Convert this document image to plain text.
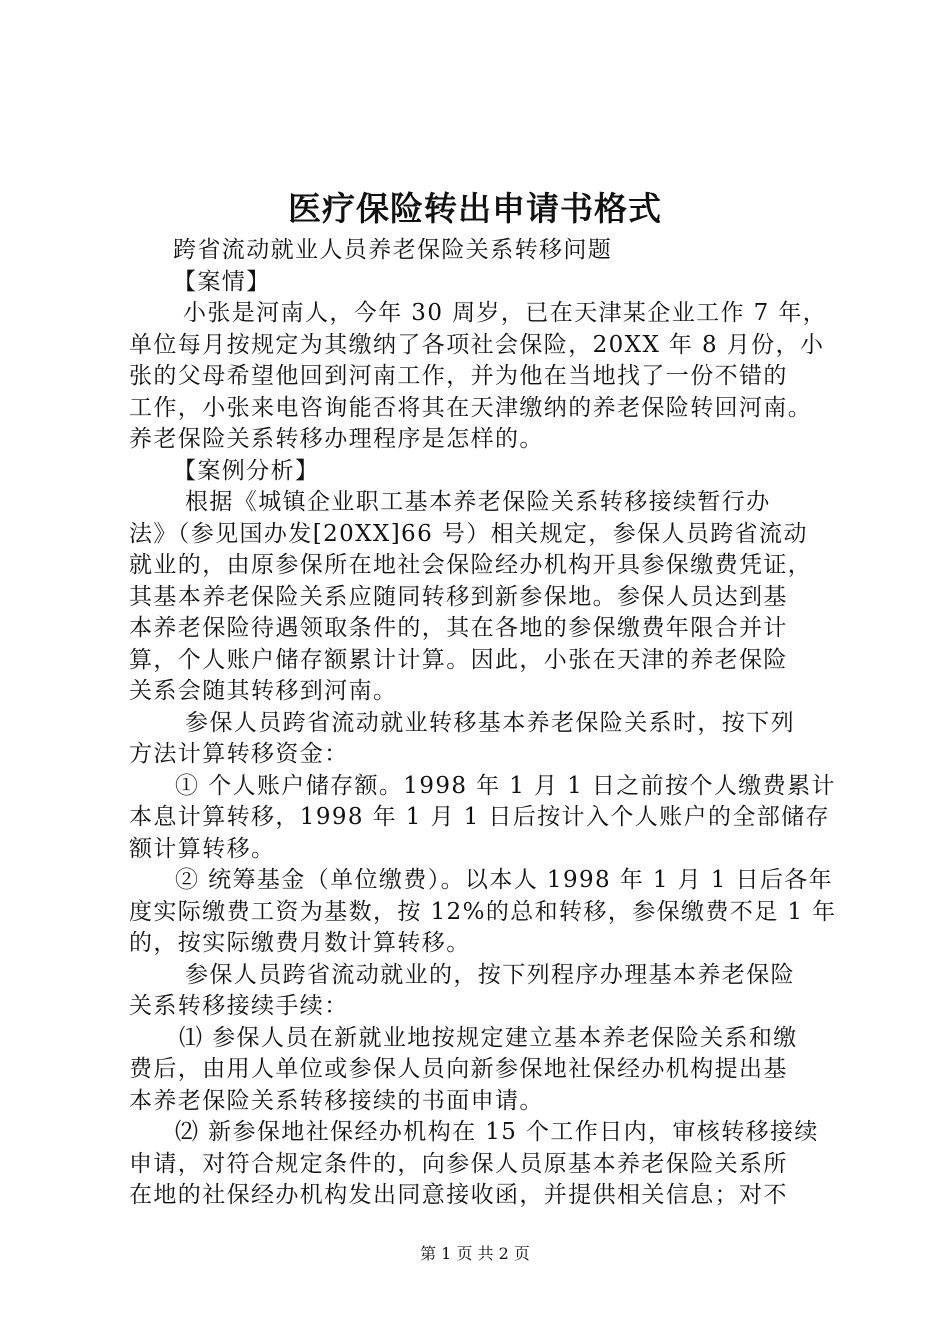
医疗保险转出申请书格式
跨省流动就业人员养老保险关系转移问题
【案情】
小张是河南人，今年 30 周岁，已在天津某企业工作 7 年，
单位每月按规定为其缴纳了各项社会保险，20XX 年 8 月份，小
张的父母希望他回到河南工作，并为他在当地找了一份不错的
工作，小张来电咨询能否将其在天津缴纳的养老保险转回河南。
养老保险关系转移办理程序是怎样的。
【案例分析】
根据《城镇企业职工基本养老保险关系转移接续暂行办
法》（参见国办发[20XX]66 号）相关规定，参保人员跨省流动
就业的，由原参保所在地社会保险经办机构开具参保缴费凭证，
其基本养老保险关系应随同转移到新参保地。参保人员达到基
本养老保险待遇领取条件的，其在各地的参保缴费年限合并计
算，个人账户储存额累计计算。因此，小张在天津的养老保险
关系会随其转移到河南。
参保人员跨省流动就业转移基本养老保险关系时，按下列
方法计算转移资金：
① 个人账户储存额。1998 年 1 月 1 日之前按个人缴费累计
本息计算转移，1998 年 1 月 1 日后按计入个人账户的全部储存
额计算转移。
② 统筹基金（单位缴费）。以本人 1998 年 1 月 1 日后各年
度实际缴费工资为基数，按 12%的总和转移，参保缴费不足 1 年
的，按实际缴费月数计算转移。
参保人员跨省流动就业的，按下列程序办理基本养老保险
关系转移接续手续：
⑴ 参保人员在新就业地按规定建立基本养老保险关系和缴
费后，由用人单位或参保人员向新参保地社保经办机构提出基
本养老保险关系转移接续的书面申请。
⑵ 新参保地社保经办机构在 15 个工作日内，审核转移接续
申请，对符合规定条件的，向参保人员原基本养老保险关系所
在地的社保经办机构发出同意接收函，并提供相关信息；对不
第 1 页 共 2 页
